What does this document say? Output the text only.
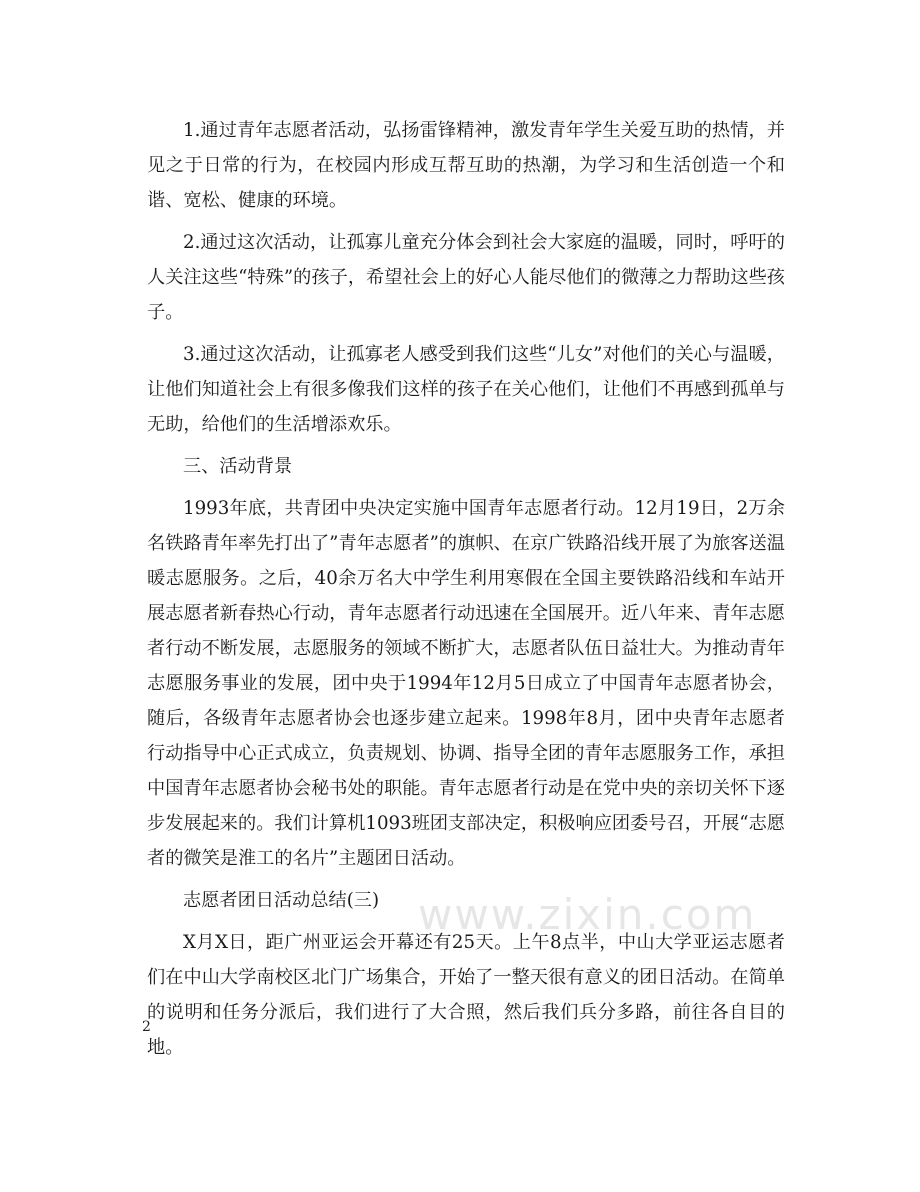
1.通过青年志愿者活动，弘扬雷锋精神，激发青年学生关爱互助的热情，并见之于日常的行为，在校园内形成互帮互助的热潮，为学习和生活创造一个和谐、宽松、健康的环境。

2.通过这次活动，让孤寡儿童充分体会到社会大家庭的温暖，同时，呼吁的人关注这些“特殊”的孩子，希望社会上的好心人能尽他们的微薄之力帮助这些孩子。

3.通过这次活动，让孤寡老人感受到我们这些“儿女”对他们的关心与温暖，让他们知道社会上有很多像我们这样的孩子在关心他们，让他们不再感到孤单与无助，给他们的生活增添欢乐。

三、活动背景

1993年底，共青团中央决定实施中国青年志愿者行动。12月19日，2万余名铁路青年率先打出了”青年志愿者”的旗帜、在京广铁路沿线开展了为旅客送温暖志愿服务。之后，40余万名大中学生利用寒假在全国主要铁路沿线和车站开展志愿者新春热心行动，青年志愿者行动迅速在全国展开。近八年来、青年志愿者行动不断发展，志愿服务的领域不断扩大，志愿者队伍日益壮大。为推动青年志愿服务事业的发展，团中央于1994年12月5日成立了中国青年志愿者协会，随后，各级青年志愿者协会也逐步建立起来。1998年8月，团中央青年志愿者行动指导中心正式成立，负责规划、协调、指导全团的青年志愿服务工作，承担中国青年志愿者协会秘书处的职能。青年志愿者行动是在党中央的亲切关怀下逐步发展起来的。我们计算机1093班团支部决定，积极响应团委号召，开展“志愿者的微笑是淮工的名片”主题团日活动。

志愿者团日活动总结(三)

X月X日，距广州亚运会开幕还有25天。上午8点半，中山大学亚运志愿者们在中山大学南校区北门广场集合，开始了一整天很有意义的团日活动。在简单的说明和任务分派后，我们进行了大合照，然后我们兵分多路，前往各自目的地。

www.zixin.com
2
